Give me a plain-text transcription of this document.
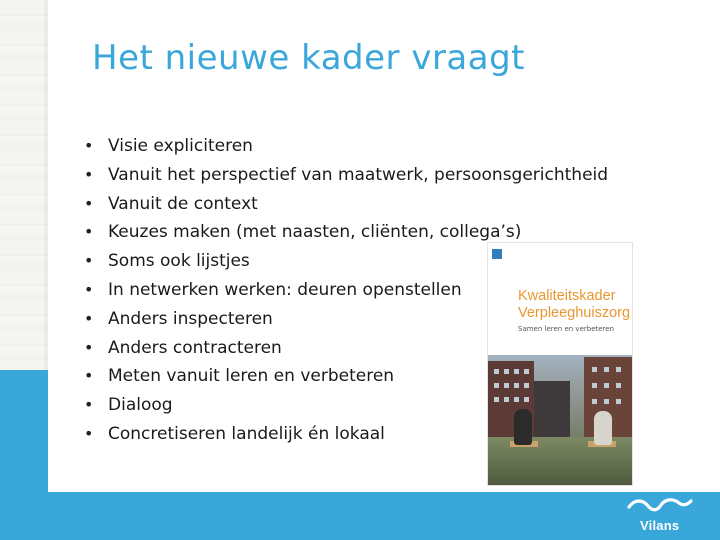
Het nieuwe kader vraagt
• Visie expliciteren
• Vanuit het perspectief van maatwerk, persoonsgerichtheid
• Vanuit de context
• Keuzes maken (met naasten, cliënten, collega’s)
• Soms ook lijstjes
• In netwerken werken: deuren openstellen
• Anders inspecteren
• Anders contracteren
• Meten vanuit leren en verbeteren
• Dialoog
• Concretiseren landelijk én lokaal
Kwaliteitskader
Verpleeghuiszorg
Samen leren en verbeteren
Vilans
